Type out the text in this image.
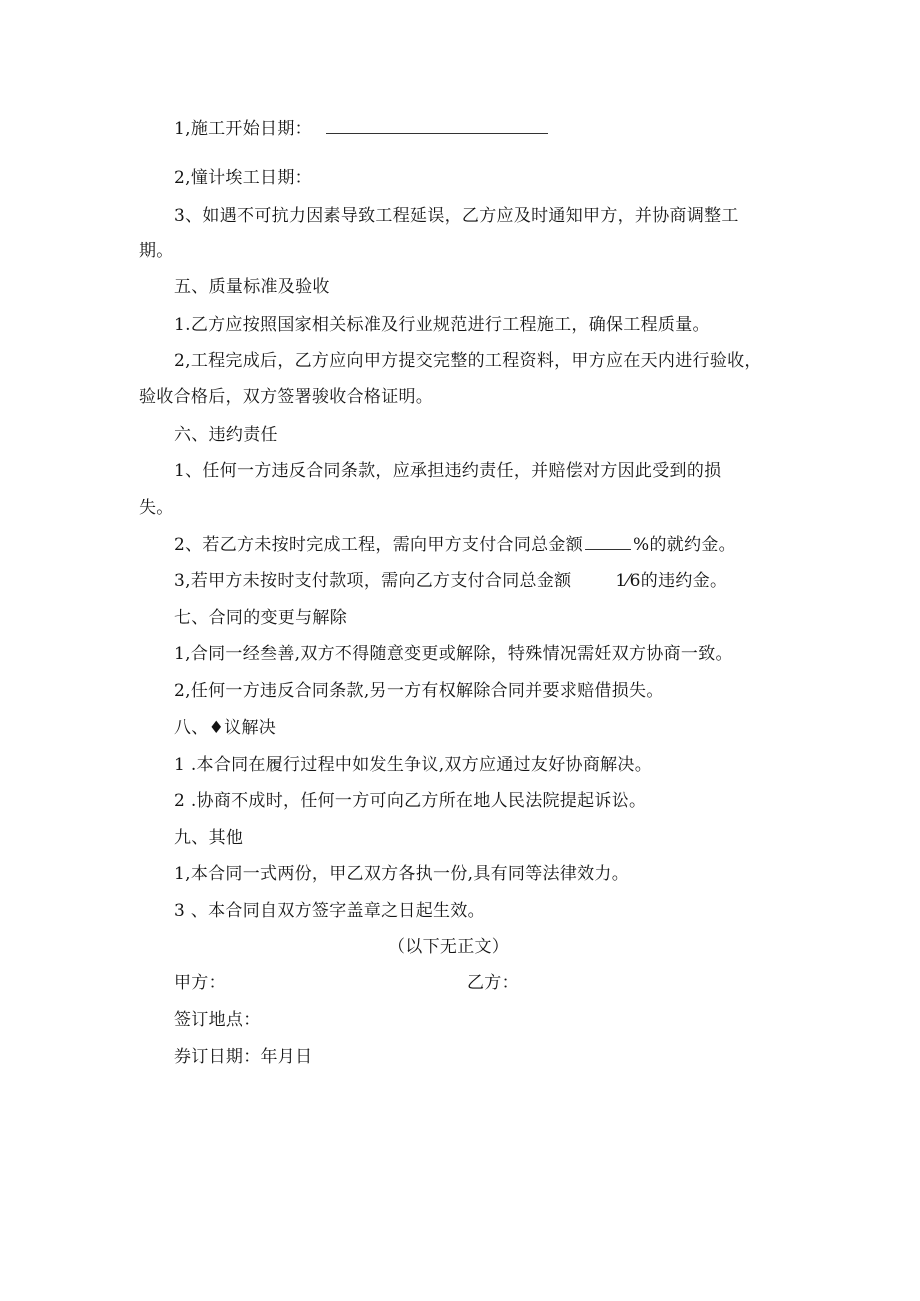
1,施工开始日期：
2,憧计埃工日期：
3、如遇不可抗力因素导致工程延误，乙方应及时通知甲方，并协商调整工
期。
五、质量标准及验收
1.乙方应按照国家相关标准及行业规范进行工程施工，确保工程质量。
2,工程完成后，乙方应向甲方提交完整的工程资料，甲方应在天内进行验收，
验收合格后，双方签署骏收合格证明。
六、违约责任
1、任何一方违反合同条款，应承担违约责任，并赔偿对方因此受到的损
失。
2、若乙方未按时完成工程，需向甲方支付合同总金额	%的就约金。
3,若甲方未按时支付款项，需向乙方支付合同总金额	1⁄6的违约金。
七、合同的变更与解除
1,合同一经叁善,双方不得随意变更或解除，特殊情况需妊双方协商一致。
2,任何一方违反合同条款,另一方有权解除合同并要求赔借损失。
八、♦议解决
1 .本合同在履行过程中如发生争议,双方应通过友好协商解决。
2 .协商不成时，任何一方可向乙方所在地人民法院提起诉讼。
九、其他
1,本合同一式两份，甲乙双方各执一份,具有同等法律效力。
3 、本合同自双方签字盖章之日起生效。
（以下无正文）
甲方：	乙方：
签订地点：
券订日期：年月日
